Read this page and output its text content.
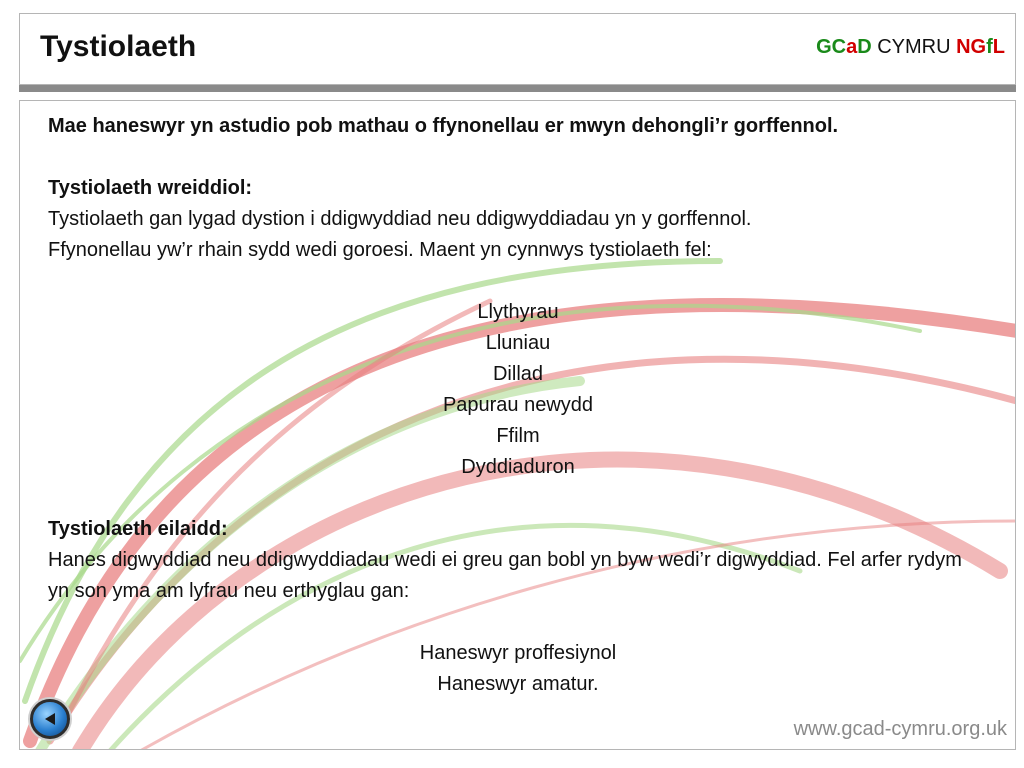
Tystiolaeth	GCaD CYMRU NGfL

Mae haneswyr yn astudio pob mathau o ffynonellau er mwyn dehongli’r gorffennol.

Tystiolaeth wreiddiol:

Tystiolaeth gan lygad dystion i ddigwyddiad neu ddigwyddiadau yn y gorffennol.

Ffynonellau yw’r rhain sydd wedi goroesi. Maent yn cynnwys tystiolaeth fel:

Llythyrau
Lluniau
Dillad
Papurau newydd
Ffilm
Dyddiaduron

Tystiolaeth eilaidd:

Hanes digwyddiad neu ddigwyddiadau wedi ei greu gan bobl yn byw wedi’r digwyddiad. Fel arfer rydym yn son yma am lyfrau neu erthyglau gan:

Haneswyr proffesiynol
Haneswyr amatur.
www.gcad-cymru.org.uk
